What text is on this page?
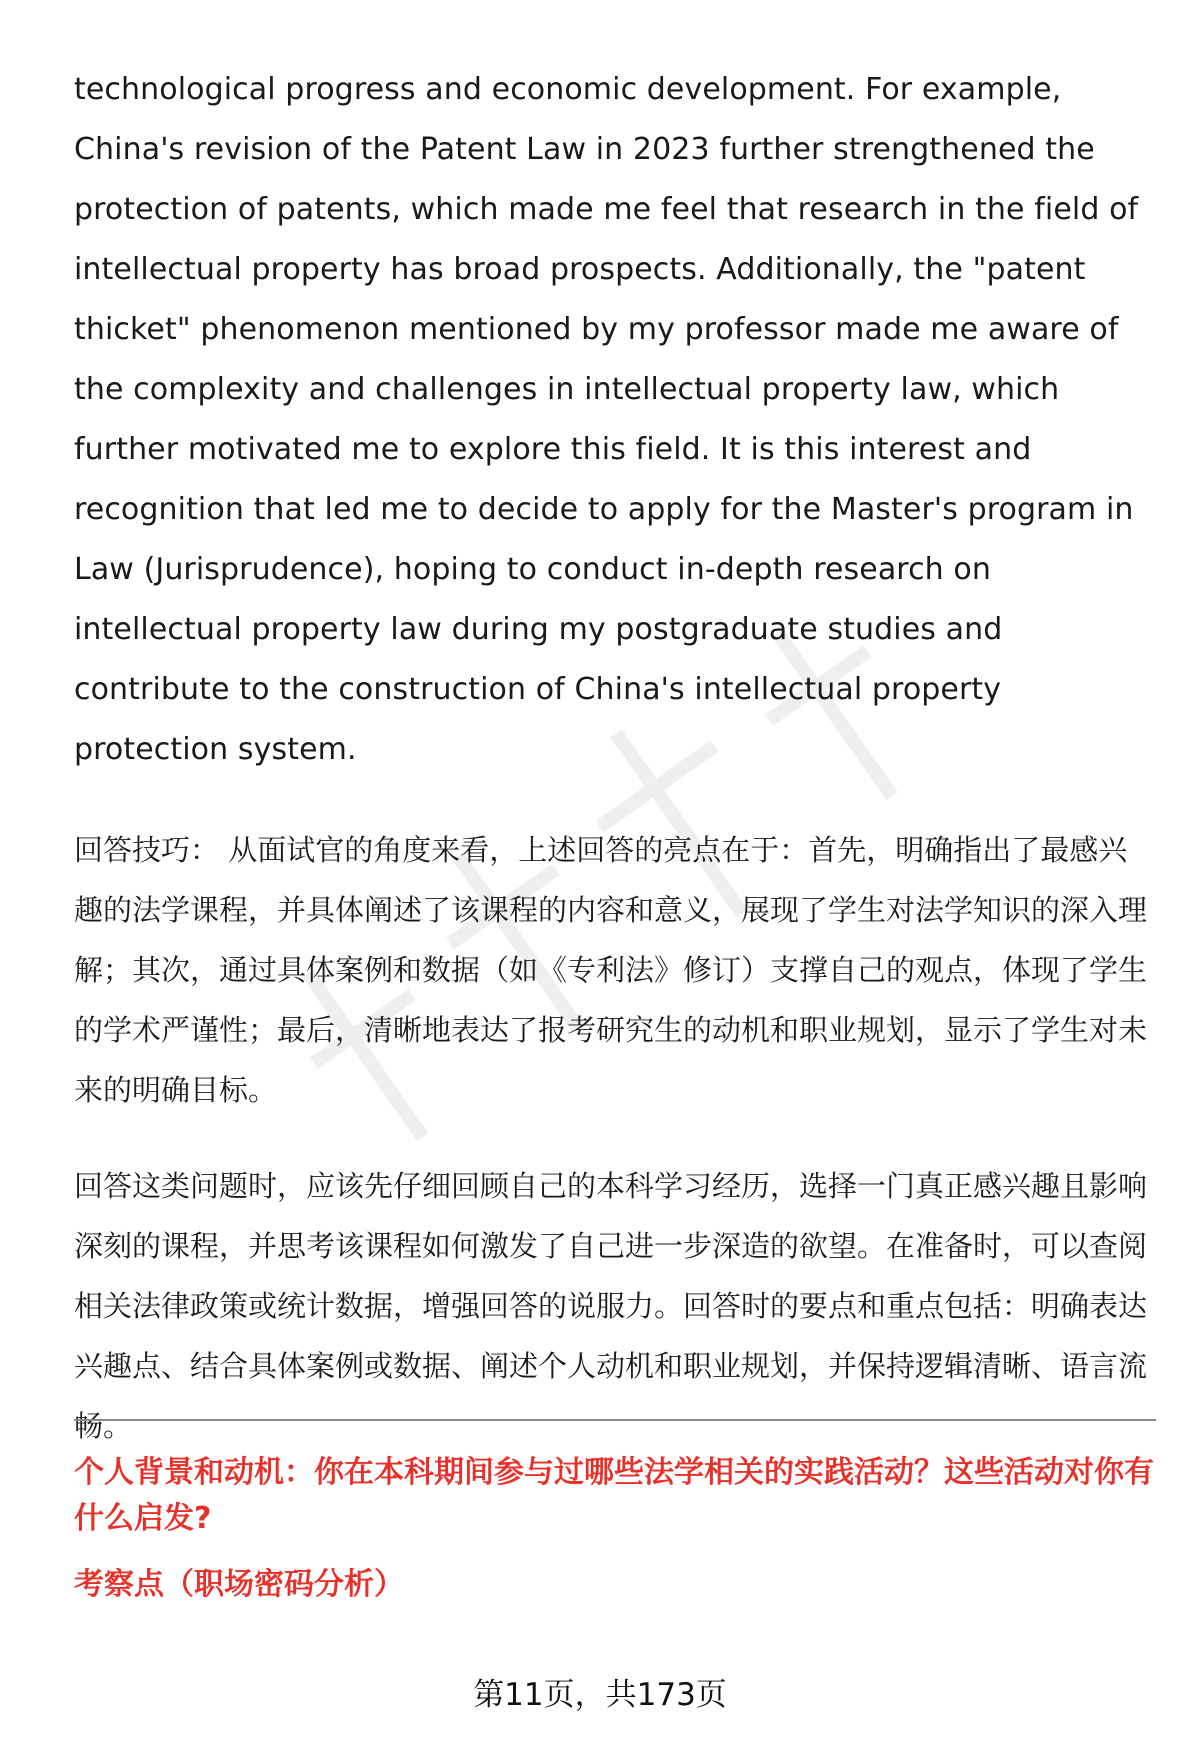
technological progress and economic development. For example, China's revision of the Patent Law in 2023 further strengthened the protection of patents, which made me feel that research in the field of intellectual property has broad prospects. Additionally, the "patent thicket" phenomenon mentioned by my professor made me aware of the complexity and challenges in intellectual property law, which further motivated me to explore this field. It is this interest and recognition that led me to decide to apply for the Master's program in Law (Jurisprudence), hoping to conduct in-depth research on intellectual property law during my postgraduate studies and contribute to the construction of China's intellectual property protection system.

回答技巧： 从面试官的角度来看，上述回答的亮点在于：首先，明确指出了最感兴趣的法学课程，并具体阐述了该课程的内容和意义，展现了学生对法学知识的深入理解；其次，通过具体案例和数据（如《专利法》修订）支撑自己的观点，体现了学生的学术严谨性；最后，清晰地表达了报考研究生的动机和职业规划，显示了学生对未来的明确目标。

回答这类问题时，应该先仔细回顾自己的本科学习经历，选择一门真正感兴趣且影响深刻的课程，并思考该课程如何激发了自己进一步深造的欲望。在准备时，可以查阅相关法律政策或统计数据，增强回答的说服力。回答时的要点和重点包括：明确表达兴趣点、结合具体案例或数据、阐述个人动机和职业规划，并保持逻辑清晰、语言流畅。

个人背景和动机：你在本科期间参与过哪些法学相关的实践活动？这些活动对你有什么启发?

考察点（职场密码分析）

第11页，共173页
